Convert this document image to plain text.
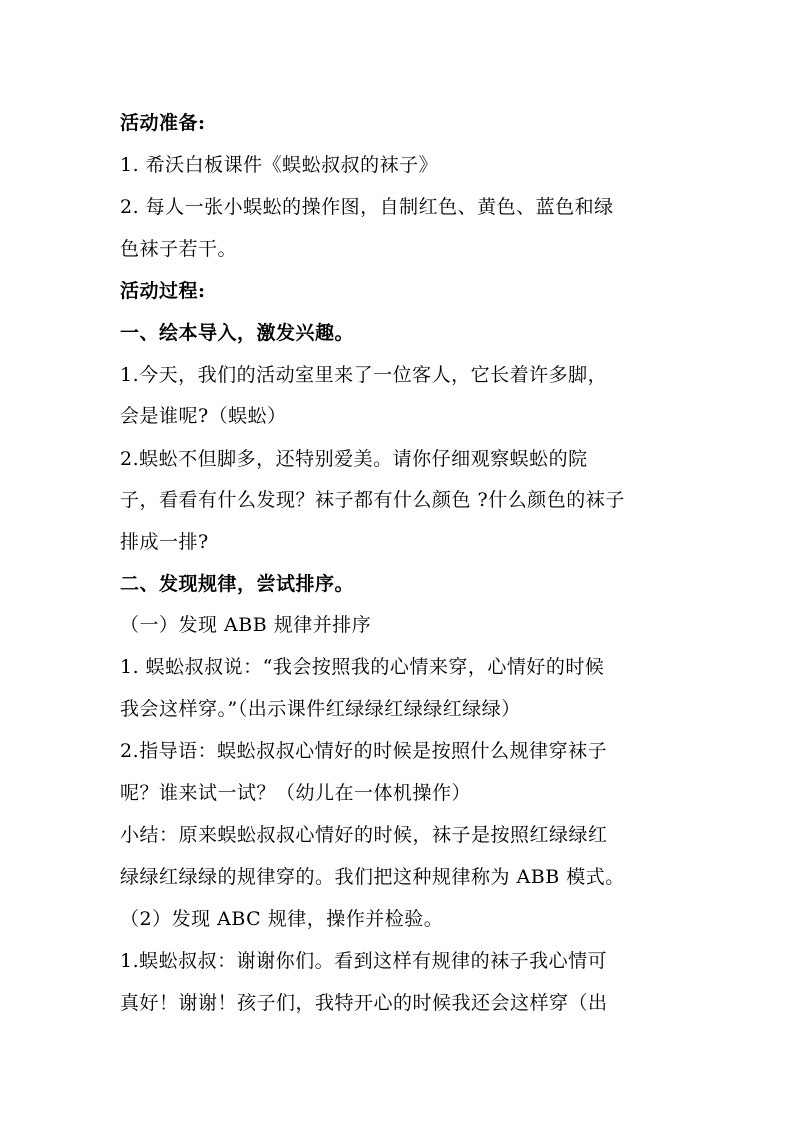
活动准备:
1. 希沃白板课件《蜈蚣叔叔的袜子》
2. 每人一张小蜈蚣的操作图，自制红色、黄色、蓝色和绿
色袜子若干。
活动过程:
一、绘本导入，激发兴趣。
1.今天，我们的活动室里来了一位客人，它长着许多脚，
会是谁呢?（蜈蚣）
2.蜈蚣不但脚多，还特别爱美。请你仔细观察蜈蚣的院
子，看看有什么发现？袜子都有什么颜色 ?什么颜色的袜子
排成一排?
二、发现规律，尝试排序。
（一）发现 ABB 规律并排序
1. 蜈蚣叔叔说：“我会按照我的心情来穿，心情好的时候
我会这样穿。”（出示课件红绿绿红绿绿红绿绿）
2.指导语：蜈蚣叔叔心情好的时候是按照什么规律穿袜子
呢？谁来试一试？（幼儿在一体机操作）
小结：原来蜈蚣叔叔心情好的时候，袜子是按照红绿绿红
绿绿红绿绿的规律穿的。我们把这种规律称为 ABB 模式。
（2）发现 ABC 规律，操作并检验。
1.蜈蚣叔叔：谢谢你们。看到这样有规律的袜子我心情可
真好！谢谢！孩子们，我特开心的时候我还会这样穿（出
